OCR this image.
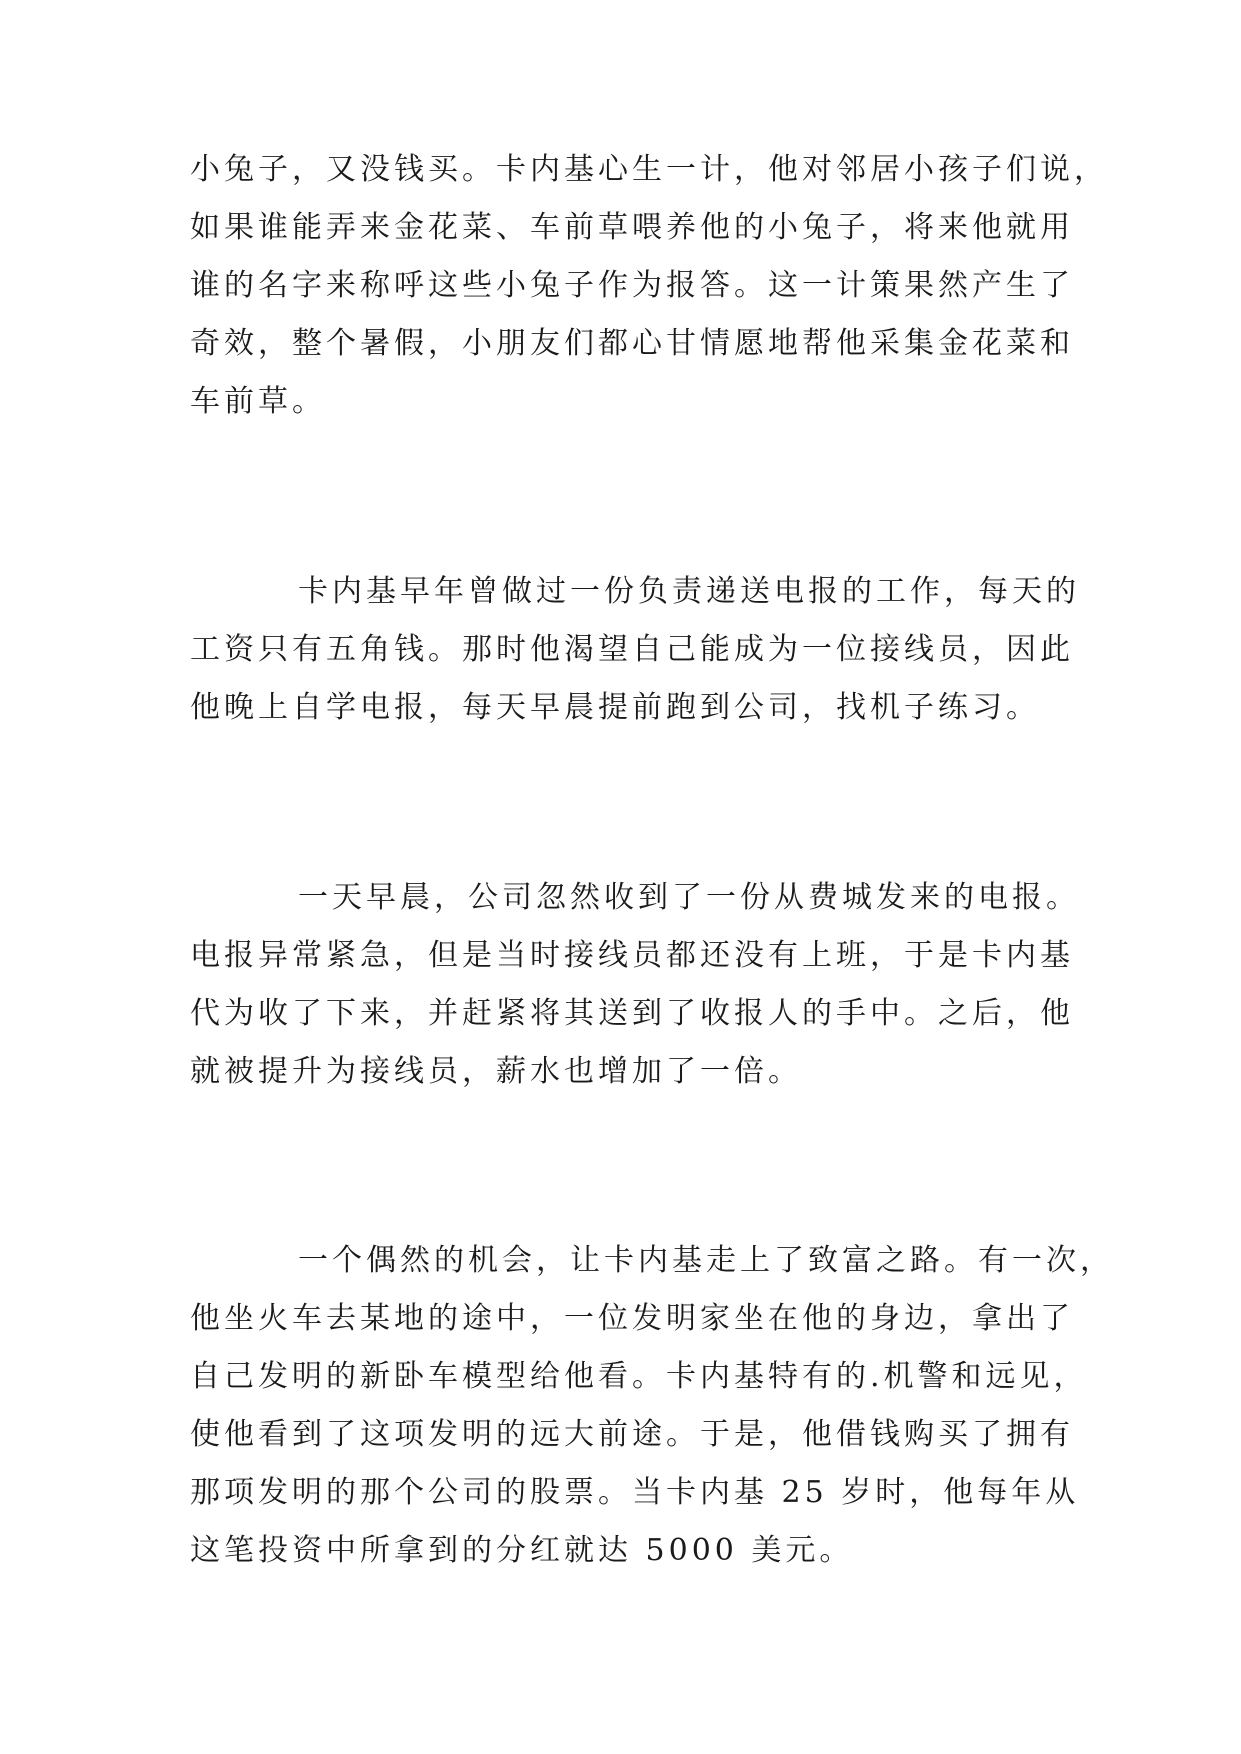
小兔子，又没钱买。卡内基心生一计，他对邻居小孩子们说，
如果谁能弄来金花菜、车前草喂养他的小兔子，将来他就用
谁的名字来称呼这些小兔子作为报答。这一计策果然产生了
奇效，整个暑假，小朋友们都心甘情愿地帮他采集金花菜和
车前草。
卡内基早年曾做过一份负责递送电报的工作，每天的
工资只有五角钱。那时他渴望自己能成为一位接线员，因此
他晚上自学电报，每天早晨提前跑到公司，找机子练习。
一天早晨，公司忽然收到了一份从费城发来的电报。
电报异常紧急，但是当时接线员都还没有上班，于是卡内基
代为收了下来，并赶紧将其送到了收报人的手中。之后，他
就被提升为接线员，薪水也增加了一倍。
一个偶然的机会，让卡内基走上了致富之路。有一次，
他坐火车去某地的途中，一位发明家坐在他的身边，拿出了
自己发明的新卧车模型给他看。卡内基特有的.机警和远见，
使他看到了这项发明的远大前途。于是，他借钱购买了拥有
那项发明的那个公司的股票。当卡内基 25 岁时，他每年从
这笔投资中所拿到的分红就达 5000 美元。
